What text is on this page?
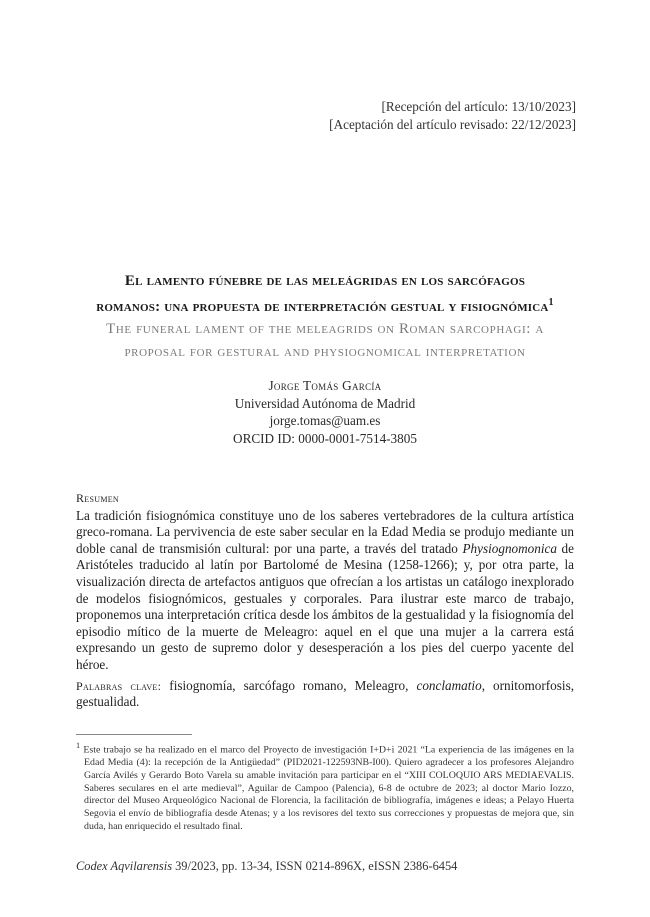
[Recepción del artículo: 13/10/2023]
[Aceptación del artículo revisado: 22/12/2023]
El lamento fúnebre de las meleágridas en los sarcófagos
romanos: una propuesta de interpretación gestual y fisiognómica$^1$
The funeral lament of the meleagrids on Roman sarcophagi: a
proposal for gestural and physiognomical interpretation
Jorge Tomás García
Universidad Autónoma de Madrid
jorge.tomas@uam.es
ORCID ID: 0000-0001-7514-3805
Resumen

La tradición fisiognómica constituye uno de los saberes vertebradores de la cultura artística greco-romana. La pervivencia de este saber secular en la Edad Media se produjo mediante un doble canal de transmisión cultural: por una parte, a través del tratado Physiognomonica de Aristóteles traducido al latín por Bartolomé de Mesina (1258-1266); y, por otra parte, la visualización directa de artefactos antiguos que ofrecían a los artistas un catálogo inexplorado de modelos fisiognómicos, gestuales y corporales. Para ilustrar este marco de trabajo, proponemos una interpretación crítica desde los ámbitos de la gestualidad y la fisiognomía del episodio mítico de la muerte de Meleagro: aquel en el que una mujer a la carrera está expresando un gesto de supremo dolor y desesperación a los pies del cuerpo yacente del héroe.

Palabras clave: fisiognomía, sarcófago romano, Meleagro, conclamatio, ornitomorfosis, gestualidad.

$^1$ Este trabajo se ha realizado en el marco del Proyecto de investigación I+D+i 2021 “La experiencia de las imágenes en la Edad Media (4): la recepción de la Antigüedad” (PID2021-122593NB-I00). Quiero agradecer a los profesores Alejandro García Avilés y Gerardo Boto Varela su amable invitación para participar en el “XIII COLOQUIO ARS MEDIAEVALIS. Saberes seculares en el arte medieval”, Aguilar de Campoo (Palencia), 6-8 de octubre de 2023; al doctor Mario Iozzo, director del Museo Arqueológico Nacional de Florencia, la facilitación de bibliografía, imágenes e ideas; a Pelayo Huerta Segovia el envío de bibliografía desde Atenas; y a los revisores del texto sus correcciones y propuestas de mejora que, sin duda, han enriquecido el resultado final.
Codex Aqvilarensis 39/2023, pp. 13-34, ISSN 0214-896X, eISSN 2386-6454
